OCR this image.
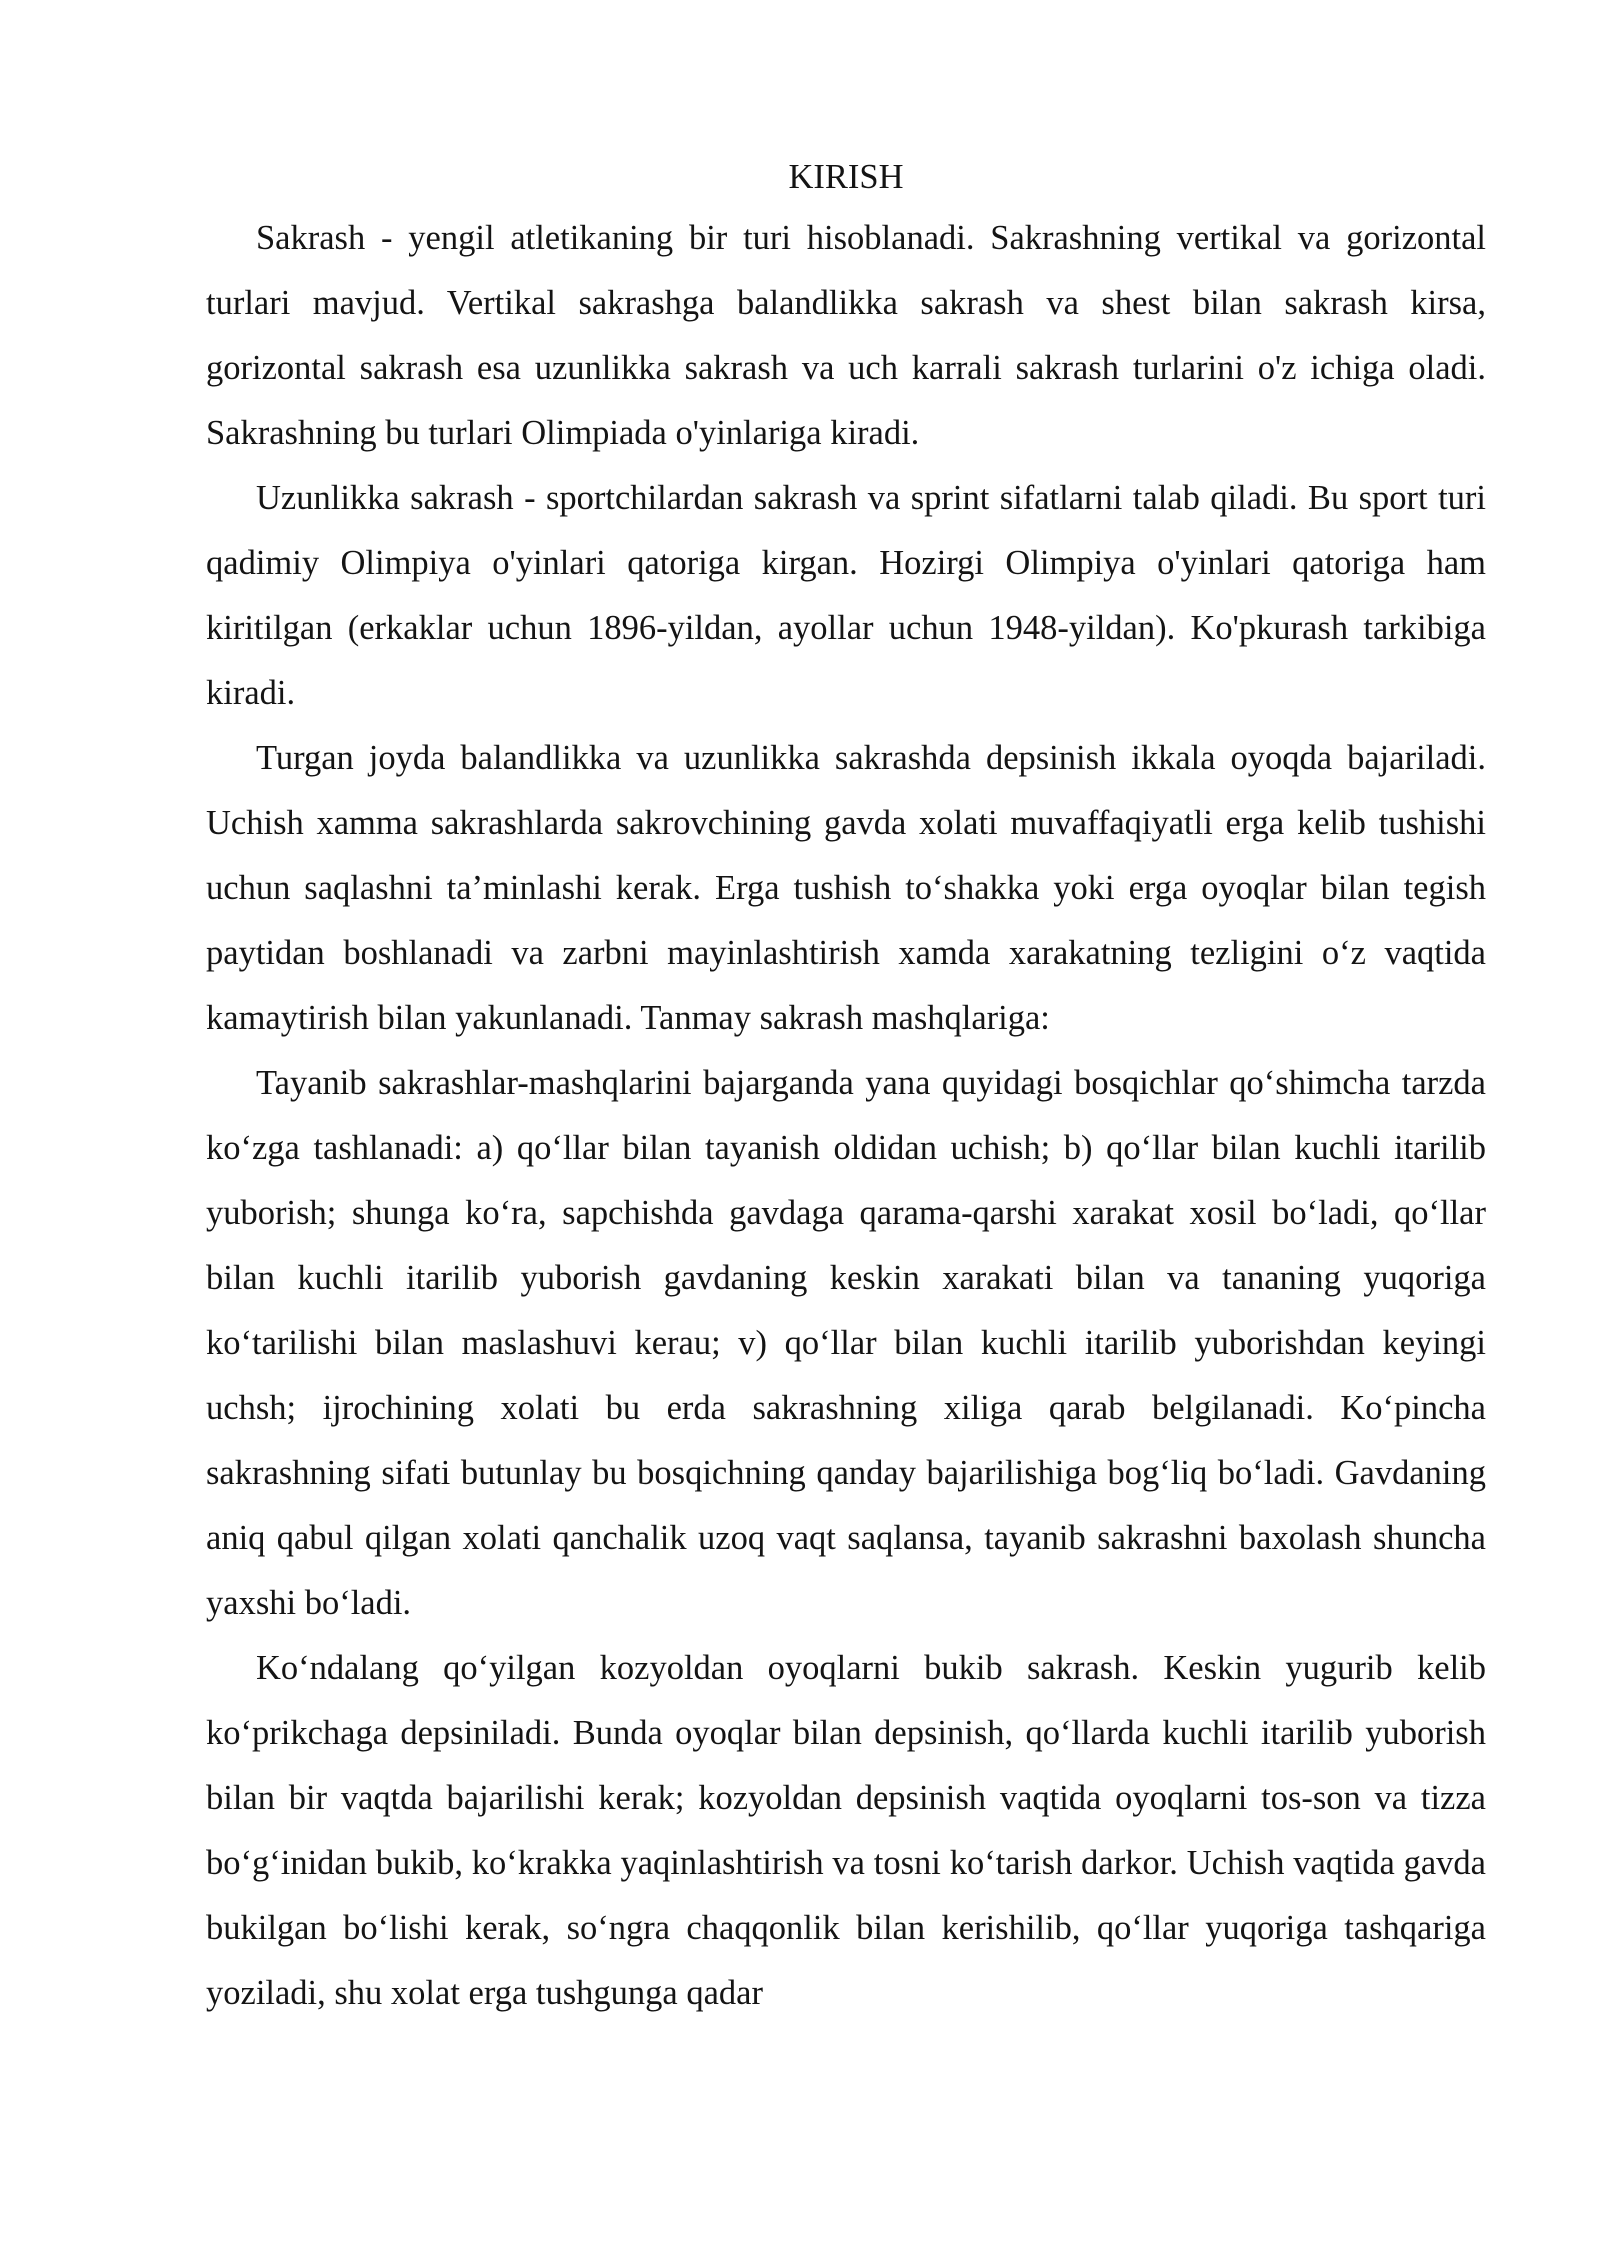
KIRISH

Sakrash - yengil atletikaning bir turi hisoblanadi. Sakrashning vertikal va gorizontal turlari mavjud. Vertikal sakrashga balandlikka sakrash va shest bilan sakrash kirsa, gorizontal sakrash esa uzunlikka sakrash va uch karrali sakrash turlarini o'z ichiga oladi. Sakrashning bu turlari Olimpiada o'yinlariga kiradi.

Uzunlikka sakrash - sportchilardan sakrash va sprint sifatlarni talab qiladi. Bu sport turi qadimiy Olimpiya o'yinlari qatoriga kirgan. Hozirgi Olimpiya o'yinlari qatoriga ham kiritilgan (erkaklar uchun 1896-yildan, ayollar uchun 1948-yildan). Ko'pkurash tarkibiga kiradi.

Turgan joyda balandlikka va uzunlikka sakrashda depsinish ikkala oyoqda bajariladi. Uchish xamma sakrashlarda sakrovchining gavda xolati muvaffaqiyatli erga kelib tushishi uchun saqlashni ta’minlashi kerak. Erga tushish to‘shakka yoki erga oyoqlar bilan tegish paytidan boshlanadi va zarbni mayinlashtirish xamda xarakatning tezligini o‘z vaqtida kamaytirish bilan yakunlanadi. Tanmay sakrash mashqlariga:

Tayanib sakrashlar-mashqlarini bajarganda yana quyidagi bosqichlar qo‘shimcha tarzda ko‘zga tashlanadi: a) qo‘llar bilan tayanish oldidan uchish; b) qo‘llar bilan kuchli itarilib yuborish; shunga ko‘ra, sapchishda gavdaga qarama-qarshi xarakat xosil bo‘ladi, qo‘llar bilan kuchli itarilib yuborish gavdaning keskin xarakati bilan va tananing yuqoriga ko‘tarilishi bilan maslashuvi kerau; v) qo‘llar bilan kuchli itarilib yuborishdan keyingi uchsh; ijrochining xolati bu erda sakrashning xiliga qarab belgilanadi. Ko‘pincha sakrashning sifati butunlay bu bosqichning qanday bajarilishiga bog‘liq bo‘ladi. Gavdaning aniq qabul qilgan xolati qanchalik uzoq vaqt saqlansa, tayanib sakrashni baxolash shuncha yaxshi bo‘ladi.

Ko‘ndalang qo‘yilgan kozyoldan oyoqlarni bukib sakrash. Keskin yugurib kelib ko‘prikchaga depsiniladi. Bunda oyoqlar bilan depsinish, qo‘llarda kuchli itarilib yuborish bilan bir vaqtda bajarilishi kerak; kozyoldan depsinish vaqtida oyoqlarni tos-son va tizza bo‘g‘inidan bukib, ko‘krakka yaqinlashtirish va tosni ko‘tarish darkor. Uchish vaqtida gavda bukilgan bo‘lishi kerak, so‘ngra chaqqonlik bilan kerishilib, qo‘llar yuqoriga tashqariga yoziladi, shu xolat erga tushgunga qadar
